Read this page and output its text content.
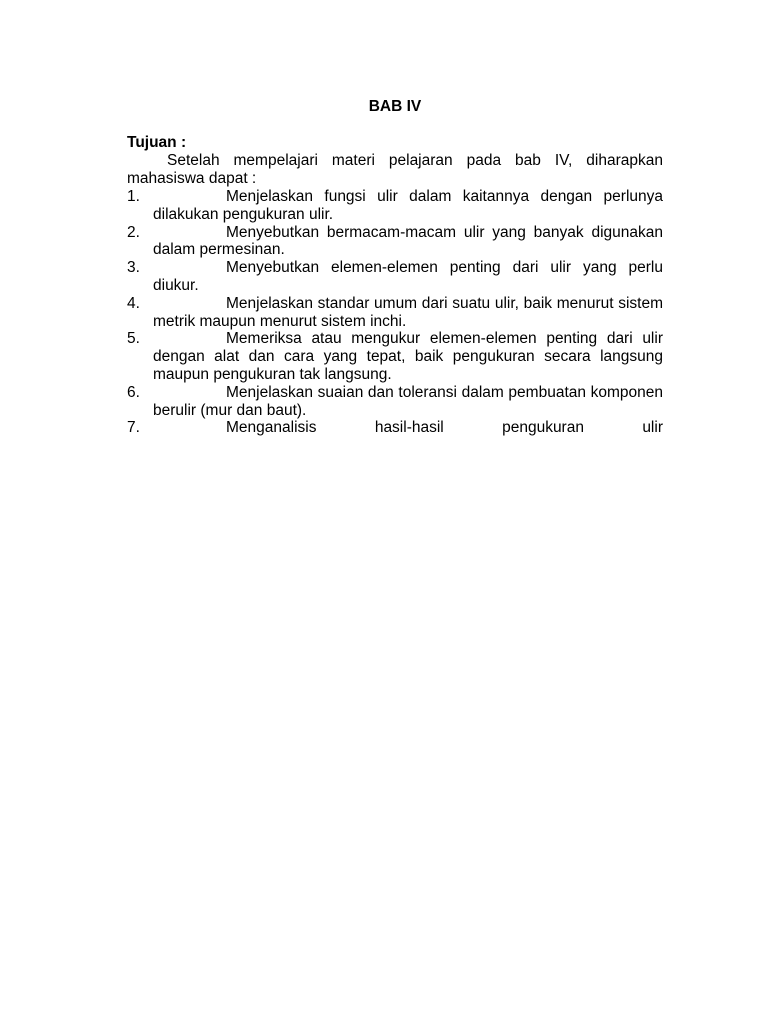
BAB IV
Tujuan :

Setelah mempelajari materi pelajaran pada bab IV, diharapkan mahasiswa dapat :

1.	Menjelaskan fungsi ulir dalam kaitannya dengan perlunya dilakukan pengukuran ulir.
2.	Menyebutkan bermacam-macam ulir yang banyak digunakan dalam permesinan.
3.	Menyebutkan elemen-elemen penting dari ulir yang perlu diukur.
4.	Menjelaskan standar umum dari suatu ulir, baik menurut sistem metrik maupun menurut sistem inchi.
5.	Memeriksa atau mengukur elemen-elemen penting dari ulir dengan alat dan cara yang tepat, baik pengukuran secara langsung maupun pengukuran tak langsung.
6.	Menjelaskan suaian dan toleransi dalam pembuatan komponen berulir (mur dan baut).
7.	Menganalisis hasil-hasil pengukuran ulir
